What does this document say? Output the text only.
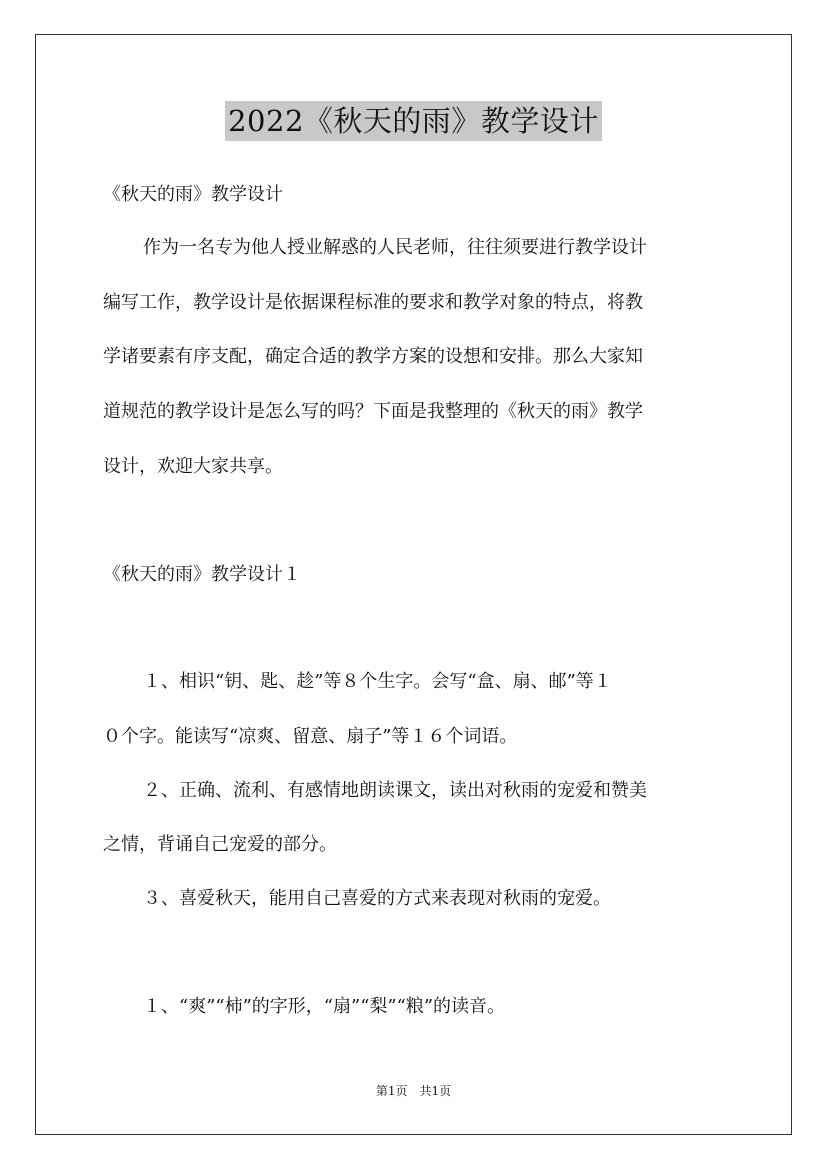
2022《秋天的雨》教学设计
《秋天的雨》教学设计
作为一名专为他人授业解惑的人民老师，往往须要进行教学设计
编写工作，教学设计是依据课程标准的要求和教学对象的特点，将教
学诸要素有序支配，确定合适的教学方案的设想和安排。那么大家知
道规范的教学设计是怎么写的吗？下面是我整理的《秋天的雨》教学
设计，欢迎大家共享。
《秋天的雨》教学设计１
１、相识“钥、匙、趁”等８个生字。会写“盒、扇、邮”等１
０个字。能读写“凉爽、留意、扇子”等１６个词语。
２、正确、流利、有感情地朗读课文，读出对秋雨的宠爱和赞美
之情，背诵自己宠爱的部分。
３、喜爱秋天，能用自己喜爱的方式来表现对秋雨的宠爱。
１、“爽”“柿”的字形，“扇”“梨”“粮”的读音。
第1页　共1页
